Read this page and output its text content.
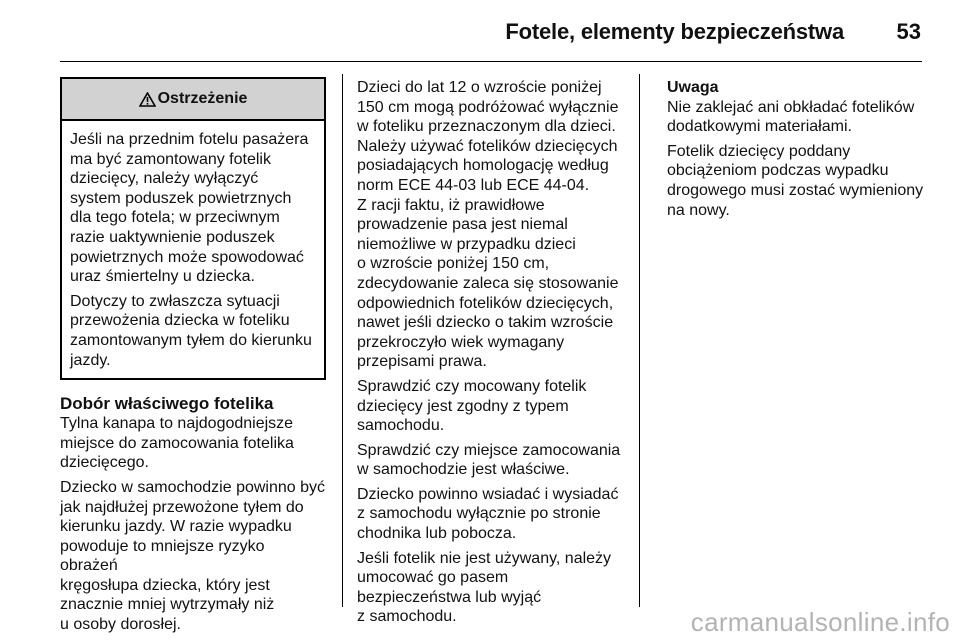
Fotele, elementy bezpieczeństwa 53
Ostrzeżenie

Jeśli na przednim fotelu pasażera
ma być zamontowany fotelik
dziecięcy, należy wyłączyć
system poduszek powietrznych
dla tego fotela; w przeciwnym
razie uaktywnienie poduszek
powietrznych może spowodować
uraz śmiertelny u dziecka.

Dotyczy to zwłaszcza sytuacji
przewożenia dziecka w foteliku
zamontowanym tyłem do kierunku
jazdy.

Dobór właściwego fotelika

Tylna kanapa to najdogodniejsze
miejsce do zamocowania fotelika
dziecięcego.

Dziecko w samochodzie powinno być
jak najdłużej przewożone tyłem do
kierunku jazdy. W razie wypadku
powoduje to mniejsze ryzyko obrażeń
kręgosłupa dziecka, który jest
znacznie mniej wytrzymały niż
u osoby dorosłej.

Dzieci do lat 12 o wzroście poniżej
150 cm mogą podróżować wyłącznie
w foteliku przeznaczonym dla dzieci.
Należy używać fotelików dziecięcych
posiadających homologację według
norm ECE 44-03 lub ECE 44-04.
Z racji faktu, iż prawidłowe
prowadzenie pasa jest niemal
niemożliwe w przypadku dzieci
o wzroście poniżej 150 cm,
zdecydowanie zaleca się stosowanie
odpowiednich fotelików dziecięcych,
nawet jeśli dziecko o takim wzroście
przekroczyło wiek wymagany
przepisami prawa.

Sprawdzić czy mocowany fotelik
dziecięcy jest zgodny z typem
samochodu.

Sprawdzić czy miejsce zamocowania
w samochodzie jest właściwe.

Dziecko powinno wsiadać i wysiadać
z samochodu wyłącznie po stronie
chodnika lub pobocza.

Jeśli fotelik nie jest używany, należy
umocować go pasem
bezpieczeństwa lub wyjąć
z samochodu.

Uwaga

Nie zaklejać ani obkładać fotelików
dodatkowymi materiałami.

Fotelik dziecięcy poddany
obciążeniom podczas wypadku
drogowego musi zostać wymieniony
na nowy.

carmanualsonline.info
